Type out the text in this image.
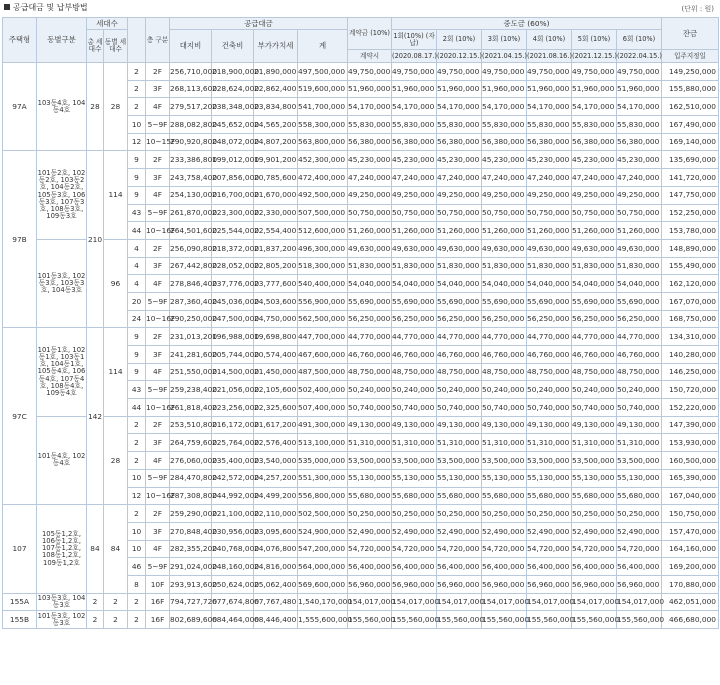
공급대금 및 납부방법	(단위 : 원)
주택형	동별구분	세대수			층 구분	공급대금				계약금 (10%)	중도금 (60%)						잔금
		총 세대수	동별 세대수			대지비	건축비	부가가치세	계		1회(10%) (자납)	2회 (10%)	3회 (10%)	4회 (10%)	5회 (10%)	6회 (10%)	
										계약시	(2020.08.17.)	(2020.12.15.)	(2021.04.15.)	(2021.08.16.)	(2021.12.15.)	(2022.04.15.)	입주지정일
97A	103동4호, 104동4호	28	28	2	2F	256,710,000	218,900,000	21,890,000	497,500,000	49,750,000	49,750,000	49,750,000	49,750,000	49,750,000	49,750,000	49,750,000	149,250,000
				2	3F	268,113,600	228,624,000	22,862,400	519,600,000	51,960,000	51,960,000	51,960,000	51,960,000	51,960,000	51,960,000	51,960,000	155,880,000
				2	4F	279,517,200	238,348,000	23,834,800	541,700,000	54,170,000	54,170,000	54,170,000	54,170,000	54,170,000	54,170,000	54,170,000	162,510,000
				10	5~9F	288,082,800	245,652,000	24,565,200	558,300,000	55,830,000	55,830,000	55,830,000	55,830,000	55,830,000	55,830,000	55,830,000	167,490,000
				12	10~15F	290,920,800	248,072,000	24,807,200	563,800,000	56,380,000	56,380,000	56,380,000	56,380,000	56,380,000	56,380,000	56,380,000	169,140,000
97B	101동2호, 102동2호, 103동2호, 104동2호, 105동3호, 106동3호, 107동3호, 108동3호, 109동3호	210	114	9	2F	233,386,800	199,012,000	19,901,200	452,300,000	45,230,000	45,230,000	45,230,000	45,230,000	45,230,000	45,230,000	45,230,000	135,690,000
				9	3F	243,758,400	207,856,000	20,785,600	472,400,000	47,240,000	47,240,000	47,240,000	47,240,000	47,240,000	47,240,000	47,240,000	141,720,000
				9	4F	254,130,000	216,700,000	21,670,000	492,500,000	49,250,000	49,250,000	49,250,000	49,250,000	49,250,000	49,250,000	49,250,000	147,750,000
				43	5~9F	261,870,000	223,300,000	22,330,000	507,500,000	50,750,000	50,750,000	50,750,000	50,750,000	50,750,000	50,750,000	50,750,000	152,250,000
				44	10~16F	264,501,600	225,544,000	22,554,400	512,600,000	51,260,000	51,260,000	51,260,000	51,260,000	51,260,000	51,260,000	51,260,000	153,780,000
	101동3호, 102동3호, 103동3호, 104동3호		96	4	2F	256,090,800	218,372,000	21,837,200	496,300,000	49,630,000	49,630,000	49,630,000	49,630,000	49,630,000	49,630,000	49,630,000	148,890,000
				4	3F	267,442,800	228,052,000	22,805,200	518,300,000	51,830,000	51,830,000	51,830,000	51,830,000	51,830,000	51,830,000	51,830,000	155,490,000
				4	4F	278,846,400	237,776,000	23,777,600	540,400,000	54,040,000	54,040,000	54,040,000	54,040,000	54,040,000	54,040,000	54,040,000	162,120,000
				20	5~9F	287,360,400	245,036,000	24,503,600	556,900,000	55,690,000	55,690,000	55,690,000	55,690,000	55,690,000	55,690,000	55,690,000	167,070,000
				24	10~16F	290,250,000	247,500,000	24,750,000	562,500,000	56,250,000	56,250,000	56,250,000	56,250,000	56,250,000	56,250,000	56,250,000	168,750,000
97C	101동1호, 102동1호, 103동1호, 104동1호, 105동4호, 106동4호, 107동4호, 108동4호, 109동4호	142	114	9	2F	231,013,200	196,988,000	19,698,800	447,700,000	44,770,000	44,770,000	44,770,000	44,770,000	44,770,000	44,770,000	44,770,000	134,310,000
				9	3F	241,281,600	205,744,000	20,574,400	467,600,000	46,760,000	46,760,000	46,760,000	46,760,000	46,760,000	46,760,000	46,760,000	140,280,000
				9	4F	251,550,000	214,500,000	21,450,000	487,500,000	48,750,000	48,750,000	48,750,000	48,750,000	48,750,000	48,750,000	48,750,000	146,250,000
				43	5~9F	259,238,400	221,056,000	22,105,600	502,400,000	50,240,000	50,240,000	50,240,000	50,240,000	50,240,000	50,240,000	50,240,000	150,720,000
				44	10~16F	261,818,400	223,256,000	22,325,600	507,400,000	50,740,000	50,740,000	50,740,000	50,740,000	50,740,000	50,740,000	50,740,000	152,220,000
	101동4호, 102동4호		28	2	2F	253,510,800	216,172,000	21,617,200	491,300,000	49,130,000	49,130,000	49,130,000	49,130,000	49,130,000	49,130,000	49,130,000	147,390,000
				2	3F	264,759,600	225,764,000	22,576,400	513,100,000	51,310,000	51,310,000	51,310,000	51,310,000	51,310,000	51,310,000	51,310,000	153,930,000
				2	4F	276,060,000	235,400,000	23,540,000	535,000,000	53,500,000	53,500,000	53,500,000	53,500,000	53,500,000	53,500,000	53,500,000	160,500,000
				10	5~9F	284,470,800	242,572,000	24,257,200	551,300,000	55,130,000	55,130,000	55,130,000	55,130,000	55,130,000	55,130,000	55,130,000	165,390,000
				12	10~16F	287,308,800	244,992,000	24,499,200	556,800,000	55,680,000	55,680,000	55,680,000	55,680,000	55,680,000	55,680,000	55,680,000	167,040,000
107	105동1,2호, 106동1,2호, 107동1,2호, 108동1,2호, 109동1,2호	84	84	2	2F	259,290,000	221,100,000	22,110,000	502,500,000	50,250,000	50,250,000	50,250,000	50,250,000	50,250,000	50,250,000	50,250,000	150,750,000
				10	3F	270,848,400	230,956,000	23,095,600	524,900,000	52,490,000	52,490,000	52,490,000	52,490,000	52,490,000	52,490,000	52,490,000	157,470,000
				10	4F	282,355,200	240,768,000	24,076,800	547,200,000	54,720,000	54,720,000	54,720,000	54,720,000	54,720,000	54,720,000	54,720,000	164,160,000
				46	5~9F	291,024,000	248,160,000	24,816,000	564,000,000	56,400,000	56,400,000	56,400,000	56,400,000	56,400,000	56,400,000	56,400,000	169,200,000
				8	10F	293,913,600	250,624,000	25,062,400	569,600,000	56,960,000	56,960,000	56,960,000	56,960,000	56,960,000	56,960,000	56,960,000	170,880,000
155A	103동3호, 104동3호	2	2	2	16F	794,727,720	677,674,800	67,767,480	1,540,170,000	154,017,000	154,017,000	154,017,000	154,017,000	154,017,000	154,017,000	154,017,000	462,051,000
155B	101동3호, 102동3호	2	2	2	16F	802,689,600	684,464,000	68,446,400	1,555,600,000	155,560,000	155,560,000	155,560,000	155,560,000	155,560,000	155,560,000	155,560,000	466,680,000
